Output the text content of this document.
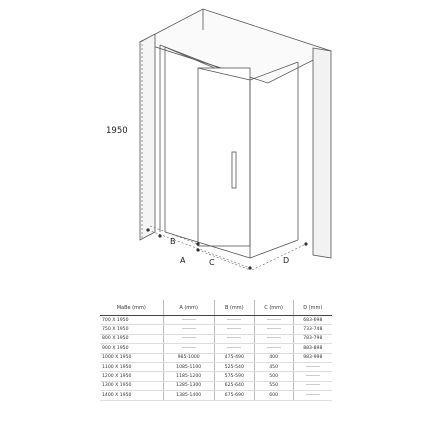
1950
B
A	C	D
MaBe (mm)	A (mm)	B (mm)	C (mm)	D (mm)
700 X 1950				683-698
750 X 1950				733-748
800 X 1950				783-798
900 X 1950				883-898
1000 X 1950	985-1000	475-490	400	983-998
1100 X 1950	1085-1100	525-540	450	
1200 X 1950	1185-1200	575-590	500	
1300 X 1950	1285-1300	625-640	550	
1400 X 1950	1385-1400	675-690	600	
